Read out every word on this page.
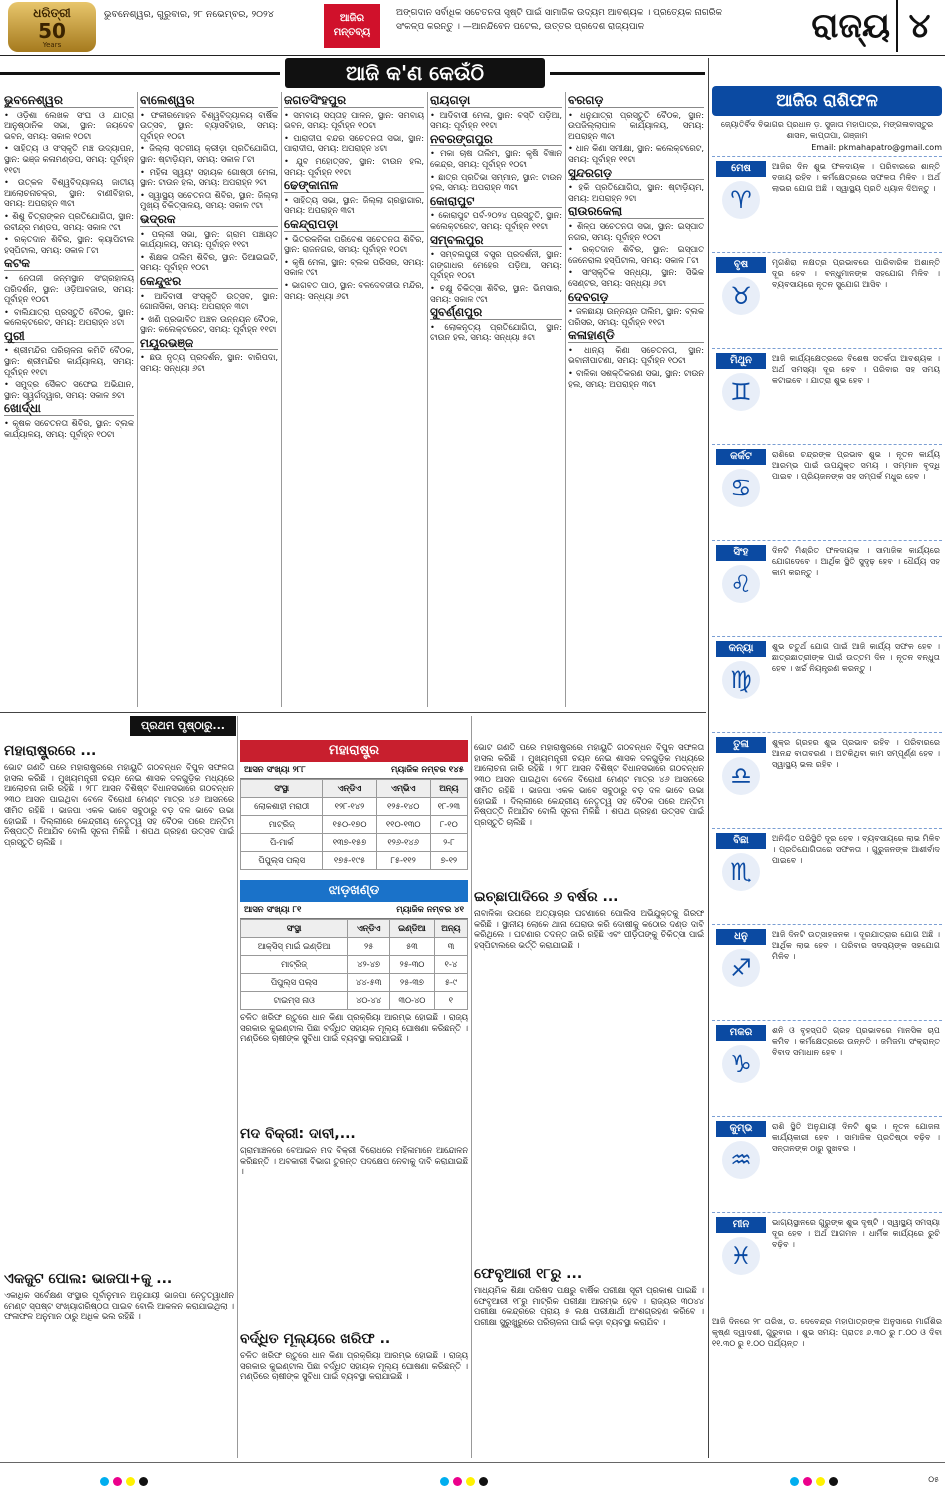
ଧରିତ୍ରୀ
50
Years
ଭୁବନେଶ୍ୱର, ଗୁରୁବାର, ୨୮ ନଭେମ୍ବର, ୨୦୨୪	ଆଜିର ମନ୍ତବ୍ୟ
ଅଙ୍ଗଦାନ ସର୍ବାଧିକ ସଚେତନତା ସୃଷ୍ଟି ପାଇଁ ସାମାଜିକ ଉଦ୍ୟମ ଆବଶ୍ୟକ । ପ୍ରତ୍ୟେକ ନାଗରିକ ସଂକଳ୍ପ କରନ୍ତୁ । —ଆନନ୍ଦିବେନ ପଟେଲ, ଉତ୍ତର ପ୍ରଦେଶ ରାଜ୍ୟପାଳ	ରାଜ୍ୟ ୪
ଆଜି କ'ଣ କେଉଁଠି
ଭୁବନେଶ୍ୱର
• ଓଡ଼ିଶା ଲେଖକ ସଂଘ ଓ ଯାତ୍ରା ଆନୁଷ୍ଠାନିକ ସଭା, ସ୍ଥାନ: ଜୟଦେବ ଭବନ, ସମୟ: ସକାଳ ୧୦ଟା
• ସାହିତ୍ୟ ଓ ସଂସ୍କୃତି ମଞ୍ଚ ଉଦ୍ୟାପନ, ସ୍ଥାନ: ଭଞ୍ଜ କଳାମଣ୍ଡପ, ସମୟ: ପୂର୍ବାହ୍ନ ୧୧ଟା
• ଉତ୍କଳ ବିଶ୍ୱବିଦ୍ୟାଳୟ ଜାତୀୟ ଆଲୋଚନାଚକ୍ର, ସ୍ଥାନ: ବାଣୀବିହାର, ସମୟ: ଅପରାହ୍ନ ୩ଟା
• ଶିଶୁ ଚିତ୍ରାଙ୍କନ ପ୍ରତିଯୋଗିତା, ସ୍ଥାନ: ରବୀନ୍ଦ୍ର ମଣ୍ଡପ, ସମୟ: ସକାଳ ୯ଟା
• ରକ୍ତଦାନ ଶିବିର, ସ୍ଥାନ: କ୍ୟାପିଟାଲ ହସ୍ପିଟାଲ, ସମୟ: ସକାଳ ୮ଟା
କଟକ
• ନେତାଜୀ ଜନ୍ମସ୍ଥାନ ସଂଗ୍ରହାଳୟ ପରିଦର୍ଶନ, ସ୍ଥାନ: ଓଡ଼ିଆବଜାର, ସମୟ: ପୂର୍ବାହ୍ନ ୧୦ଟା
• ବାଲିଯାତ୍ରା ପ୍ରସ୍ତୁତି ବୈଠକ, ସ୍ଥାନ: କଲେକ୍ଟରେଟ, ସମୟ: ଅପରାହ୍ନ ୪ଟା
ପୁରୀ
• ଶ୍ରୀମନ୍ଦିର ପରିଚାଳନା କମିଟି ବୈଠକ, ସ୍ଥାନ: ଶ୍ରୀମନ୍ଦିର କାର୍ଯ୍ୟାଳୟ, ସମୟ: ପୂର୍ବାହ୍ନ ୧୧ଟା
• ସମୁଦ୍ର ସୈକତ ସଫେଇ ଅଭିଯାନ, ସ୍ଥାନ: ସ୍ୱର୍ଗଦ୍ୱାର, ସମୟ: ସକାଳ ୭ଟା
ଖୋର୍ଦ୍ଧା
• କୃଷକ ସଚେତନତା ଶିବିର, ସ୍ଥାନ: ବ୍ଲକ କାର୍ଯ୍ୟାଳୟ, ସମୟ: ପୂର୍ବାହ୍ନ ୧୦ଟା
ବାଲେଶ୍ୱର
• ଫକୀରମୋହନ ବିଶ୍ୱବିଦ୍ୟାଳୟ ବାର୍ଷିକ ଉତ୍ସବ, ସ୍ଥାନ: ବ୍ୟାସବିହାର, ସମୟ: ପୂର୍ବାହ୍ନ ୧୦ଟା
• ଜିଲ୍ଲା ସ୍ତରୀୟ କ୍ରୀଡ଼ା ପ୍ରତିଯୋଗିତା, ସ୍ଥାନ: ଷ୍ଟାଡ଼ିୟମ, ସମୟ: ସକାଳ ୮ଟା
• ମହିଳା ସ୍ୱୟଂ ସହାୟକ ଗୋଷ୍ଠୀ ମେଳା, ସ୍ଥାନ: ଟାଉନ ହଲ, ସମୟ: ଅପରାହ୍ନ ୨ଟା
• ସ୍ୱାସ୍ଥ୍ୟ ସଚେତନତା ଶିବିର, ସ୍ଥାନ: ଜିଲ୍ଲା ମୁଖ୍ୟ ଚିକିତ୍ସାଳୟ, ସମୟ: ସକାଳ ୯ଟା
ଭଦ୍ରକ
• ପଲ୍ଲୀ ସଭା, ସ୍ଥାନ: ଗ୍ରାମ ପଞ୍ଚାୟତ କାର୍ଯ୍ୟାଳୟ, ସମୟ: ପୂର୍ବାହ୍ନ ୧୧ଟା
• ଶିକ୍ଷକ ତାଲିମ ଶିବିର, ସ୍ଥାନ: ଡିଆଇଇଟି, ସମୟ: ପୂର୍ବାହ୍ନ ୧୦ଟା
କେନ୍ଦୁଝର
• ଆଦିବାସୀ ସଂସ୍କୃତି ଉତ୍ସବ, ସ୍ଥାନ: ଗୋନାସିକା, ସମୟ: ଅପରାହ୍ନ ୩ଟା
• ଖଣି ପ୍ରଭାବିତ ଅଞ୍ଚଳ ଉନ୍ନୟନ ବୈଠକ, ସ୍ଥାନ: କଲେକ୍ଟରେଟ, ସମୟ: ପୂର୍ବାହ୍ନ ୧୧ଟା
ମୟୂରଭଞ୍ଜ
• ଛଉ ନୃତ୍ୟ ପ୍ରଦର୍ଶନ, ସ୍ଥାନ: ବାରିପଦା, ସମୟ: ସନ୍ଧ୍ୟା ୬ଟା
ଜଗତସିଂହପୁର
• ସମବାୟ ସପ୍ତାହ ପାଳନ, ସ୍ଥାନ: ସମବାୟ ଭବନ, ସମୟ: ପୂର୍ବାହ୍ନ ୧୦ଟା
• ପାରାଦୀପ ବନ୍ଦର ସଚେତନତା ସଭା, ସ୍ଥାନ: ପାରାଦୀପ, ସମୟ: ଅପରାହ୍ନ ୪ଟା
• ଯୁବ ମହୋତ୍ସବ, ସ୍ଥାନ: ଟାଉନ ହଲ, ସମୟ: ପୂର୍ବାହ୍ନ ୧୧ଟା
ଢେଙ୍କାନାଳ
• ସାହିତ୍ୟ ସଭା, ସ୍ଥାନ: ଜିଲ୍ଲା ଗ୍ରନ୍ଥାଗାର, ସମୟ: ଅପରାହ୍ନ ୩ଟା
କେନ୍ଦ୍ରାପଡ଼ା
• ଭିତରକନିକା ପରିବେଶ ସଚେତନତା ଶିବିର, ସ୍ଥାନ: ରାଜନଗର, ସମୟ: ପୂର୍ବାହ୍ନ ୧୦ଟା
• କୃଷି ମେଳା, ସ୍ଥାନ: ବ୍ଲକ ପରିସର, ସମୟ: ସକାଳ ୯ଟା
• ଭାଗବତ ପାଠ, ସ୍ଥାନ: ବଳଦେବଜୀଉ ମନ୍ଦିର, ସମୟ: ସନ୍ଧ୍ୟା ୬ଟା
ରାୟଗଡ଼ା
• ଆଦିବାସୀ ମେଳା, ସ୍ଥାନ: ବସ୍ତି ପଡ଼ିଆ, ସମୟ: ପୂର୍ବାହ୍ନ ୧୧ଟା
ନବରଙ୍ଗପୁର
• ମକା ଚାଷ ତାଲିମ, ସ୍ଥାନ: କୃଷି ବିଜ୍ଞାନ କେନ୍ଦ୍ର, ସମୟ: ପୂର୍ବାହ୍ନ ୧୦ଟା
• ଛାତ୍ର ପ୍ରତିଭା ସମ୍ମାନ, ସ୍ଥାନ: ଟାଉନ ହଲ, ସମୟ: ଅପରାହ୍ନ ୩ଟା
କୋରାପୁଟ
• କୋରାପୁଟ ପର୍ବ-୨୦୨୪ ପ୍ରସ୍ତୁତି, ସ୍ଥାନ: କଲେକ୍ଟରେଟ, ସମୟ: ପୂର୍ବାହ୍ନ ୧୧ଟା
ସମ୍ବଲପୁର
• ସମ୍ବଲପୁରୀ ବସ୍ତ୍ର ପ୍ରଦର୍ଶନୀ, ସ୍ଥାନ: ଗଙ୍ଗାଧର ମେହେର ପଡ଼ିଆ, ସମୟ: ପୂର୍ବାହ୍ନ ୧୦ଟା
• ଚକ୍ଷୁ ଚିକିତ୍ସା ଶିବିର, ସ୍ଥାନ: ଭିମସାର, ସମୟ: ସକାଳ ୯ଟା
ସୁବର୍ଣ୍ଣପୁର
• ଲୋକନୃତ୍ୟ ପ୍ରତିଯୋଗିତା, ସ୍ଥାନ: ଟାଉନ ହଲ, ସମୟ: ସନ୍ଧ୍ୟା ୫ଟା
ବରଗଡ଼
• ଧନୁଯାତ୍ରା ପ୍ରସ୍ତୁତି ବୈଠକ, ସ୍ଥାନ: ଉପଜିଲ୍ଲାପାଳ କାର୍ଯ୍ୟାଳୟ, ସମୟ: ଅପରାହ୍ନ ୩ଟା
• ଧାନ କିଣା ସମୀକ୍ଷା, ସ୍ଥାନ: କଲେକ୍ଟରେଟ, ସମୟ: ପୂର୍ବାହ୍ନ ୧୧ଟା
ସୁନ୍ଦରଗଡ଼
• ହକି ପ୍ରତିଯୋଗିତା, ସ୍ଥାନ: ଷ୍ଟାଡ଼ିୟମ, ସମୟ: ଅପରାହ୍ନ ୨ଟା
ରାଉରକେଲା
• ଶିଳ୍ପ ସଚେତନତା ସଭା, ସ୍ଥାନ: ଇସ୍ପାତ ନଗର, ସମୟ: ପୂର୍ବାହ୍ନ ୧୦ଟା
• ରକ୍ତଦାନ ଶିବିର, ସ୍ଥାନ: ଇସ୍ପାତ ଜେନେରାଲ ହସ୍ପିଟାଲ, ସମୟ: ସକାଳ ୮ଟା
• ସାଂସ୍କୃତିକ ସନ୍ଧ୍ୟା, ସ୍ଥାନ: ସିଭିକ ସେଣ୍ଟର, ସମୟ: ସନ୍ଧ୍ୟା ୬ଟା
ଦେବଗଡ଼
• ଜଳଛାୟା ଉନ୍ନୟନ ତାଲିମ, ସ୍ଥାନ: ବ୍ଲକ ପରିସର, ସମୟ: ପୂର୍ବାହ୍ନ ୧୧ଟା
କଳାହାଣ୍ଡି
• ଧାନ୍ୟ କିଣା ସଚେତନତା, ସ୍ଥାନ: ଭବାନୀପାଟଣା, ସମୟ: ପୂର୍ବାହ୍ନ ୧୦ଟା
• ବାଳିକା ସଶକ୍ତିକରଣ ସଭା, ସ୍ଥାନ: ଟାଉନ ହଲ, ସମୟ: ଅପରାହ୍ନ ୩ଟା
ଆଜିର ରାଶିଫଳ
ଜ୍ୟୋତିର୍ବିଦ ବିଭାଗର ପ୍ରଧାନ ଡ଼. ସୁଜାତା ମହାପାତ୍ର, ମଙ୍ଗଳାବାସ୍ତୁର ଶାସନ, କାପ୍ତାପା, ଗଞ୍ଜାମ
Email: pkmahapatro@gmail.com
ମେଷ
♈
ଆଜିର ଦିନ ଶୁଭ ଫଳଦାୟକ । ପରିବାରରେ ଶାନ୍ତି ବଜାୟ ରହିବ । କର୍ମକ୍ଷେତ୍ରରେ ସଫଳତା ମିଳିବ । ଅର୍ଥ ଲାଭର ଯୋଗ ଅଛି । ସ୍ୱାସ୍ଥ୍ୟ ପ୍ରତି ଧ୍ୟାନ ଦିଅନ୍ତୁ ।
ବୃଷ
♉
ମୃଗଶିରା ନକ୍ଷତ୍ର ପ୍ରଭାବରେ ପାରିବାରିକ ଅଶାନ୍ତି ଦୂର ହେବ । ବନ୍ଧୁମାନଙ୍କ ସହଯୋଗ ମିଳିବ । ବ୍ୟବସାୟରେ ନୂତନ ସୁଯୋଗ ଆସିବ ।
ମିଥୁନ
♊
ଆଜି କାର୍ଯ୍ୟକ୍ଷେତ୍ରରେ ବିଶେଷ ସତର୍କତା ଆବଶ୍ୟକ । ଅର୍ଥ ସମସ୍ୟା ଦୂର ହେବ । ପରିବାର ସହ ସମୟ କଟାଇବେ । ଯାତ୍ରା ଶୁଭ ହେବ ।
କର୍କଟ
♋
ରାଶିରେ ଚନ୍ଦ୍ରଙ୍କ ପ୍ରଭାବ ଶୁଭ । ନୂତନ କାର୍ଯ୍ୟ ଆରମ୍ଭ ପାଇଁ ଉପଯୁକ୍ତ ସମୟ । ସମ୍ମାନ ବୃଦ୍ଧି ପାଇବ । ପ୍ରିୟଜନଙ୍କ ସହ ସମ୍ପର୍କ ମଧୁର ହେବ ।
ସିଂହ
♌
ଦିନଟି ମିଶ୍ରିତ ଫଳଦାୟକ । ସାମାଜିକ କାର୍ଯ୍ୟରେ ଯୋଗଦେବେ । ଆର୍ଥିକ ସ୍ଥିତି ସୁଦୃଢ଼ ହେବ । ଧୈର୍ଯ୍ୟ ସହ କାମ କରନ୍ତୁ ।
କନ୍ୟା
♍
ଶୁଭ ଚତୁର୍ଥ ଯୋଗ ପାଇଁ ଆଜି କାର୍ଯ୍ୟ ସଫଳ ହେବ । ଛାତ୍ରଛାତ୍ରୀଙ୍କ ପାଇଁ ଉତ୍ତମ ଦିନ । ନୂତନ ବନ୍ଧୁତା ହେବ । ଖର୍ଚ୍ଚ ନିୟନ୍ତ୍ରଣ କରନ୍ତୁ ।
ତୁଳା
♎
ଶୁକ୍ର ଗ୍ରହର ଶୁଭ ପ୍ରଭାବ ରହିବ । ପରିବାରରେ ଆନନ୍ଦ ବାତାବରଣ । ଅଟକିଥିବା କାମ ସମ୍ପୂର୍ଣ୍ଣ ହେବ । ସ୍ୱାସ୍ଥ୍ୟ ଭଲ ରହିବ ।
ବିଛା
♏
ଅନିଶ୍ଚିତ ପରିସ୍ଥିତି ଦୂର ହେବ । ବ୍ୟବସାୟରେ ଲାଭ ମିଳିବ । ପ୍ରତିଯୋଗିତାରେ ସଫଳତା । ଗୁରୁଜନଙ୍କ ଆଶୀର୍ବାଦ ପାଇବେ ।
ଧନୁ
♐
ଆଜି ଦିନଟି ଉତ୍ସାହଜନକ । ଦୂରଯାତ୍ରାର ଯୋଗ ଅଛି । ଆର୍ଥିକ ଲାଭ ହେବ । ପରିବାର ସଦସ୍ୟଙ୍କ ସହଯୋଗ ମିଳିବ ।
ମକର
♑
ଶନି ଓ ବୃହସ୍ପତି ଗ୍ରହ ପ୍ରଭାବରେ ମାନସିକ ଚାପ କମିବ । କର୍ମକ୍ଷେତ୍ରରେ ଉନ୍ନତି । ଜମିଜମା ସଂକ୍ରାନ୍ତ ବିବାଦ ସମାଧାନ ହେବ ।
କୁମ୍ଭ
♒
ରାଶି ସ୍ଥିତି ଅନୁଯାୟୀ ଦିନଟି ଶୁଭ । ନୂତନ ଯୋଜନା କାର୍ଯ୍ୟକାରୀ ହେବ । ସାମାଜିକ ପ୍ରତିଷ୍ଠା ବଢ଼ିବ । ସନ୍ତାନଙ୍କ ଠାରୁ ସୁଖବର ।
ମୀନ
♓
ଭାଗ୍ୟସ୍ଥାନରେ ଗୁରୁଙ୍କ ଶୁଭ ଦୃଷ୍ଟି । ସ୍ୱାସ୍ଥ୍ୟ ସମସ୍ୟା ଦୂର ହେବ । ଅର୍ଥ ଆଗମନ । ଧାର୍ମିକ କାର୍ଯ୍ୟରେ ରୁଚି ବଢ଼ିବ ।
ଆଜି ଦିନରେ ୨୮ ତାରିଖ, ଡ. ଦେବେନ୍ଦ୍ର ମହାପାତ୍ରଙ୍କ ଅନୁସାରେ ମାର୍ଗଶିର କୃଷ୍ଣ ଦ୍ୱାଦଶୀ, ଗୁରୁବାର । ଶୁଭ ସମୟ: ପ୍ରାତଃ ୬.୩୦ ରୁ ୮.୦୦ ଓ ଦିବା ୧୧.୩୦ ରୁ ୧.୦୦ ପର୍ଯ୍ୟନ୍ତ ।
ପ୍ରଥମ ପୃଷ୍ଠାରୁ...
ମହାରାଷ୍ଟ୍ରରେ ...
ଭୋଟ ଗଣତି ପରେ ମହାରାଷ୍ଟ୍ରରେ ମହାୟୁତି ଗଠବନ୍ଧନ ବିପୁଳ ସଫଳତା ହାସଲ କରିଛି । ମୁଖ୍ୟମନ୍ତ୍ରୀ ଚୟନ ନେଇ ଶାସକ ଦଳଗୁଡ଼ିକ ମଧ୍ୟରେ ଆଲୋଚନା ଜାରି ରହିଛି । ୨୮୮ ଆସନ ବିଶିଷ୍ଟ ବିଧାନସଭାରେ ଗଠବନ୍ଧନ ୨୩୦ ଆସନ ପାଇଥିବା ବେଳେ ବିରୋଧୀ ମେଣ୍ଟ ମାତ୍ର ୪୬ ଆସନରେ ସୀମିତ ରହିଛି । ଭାଜପା ଏକକ ଭାବେ ସବୁଠାରୁ ବଡ଼ ଦଳ ଭାବେ ଉଭା ହୋଇଛି । ଦିଲ୍ଲୀରେ କେନ୍ଦ୍ରୀୟ ନେତୃତ୍ୱ ସହ ବୈଠକ ପରେ ଅନ୍ତିମ ନିଷ୍ପତ୍ତି ନିଆଯିବ ବୋଲି ସୂଚନା ମିଳିଛି । ଶପଥ ଗ୍ରହଣ ଉତ୍ସବ ପାଇଁ ପ୍ରସ୍ତୁତି ଚାଲିଛି ।
ଏକଜୁଟ ପୋଲ: ଭାଜପା+କୁ ...
ଏକାଧିକ ସର୍ବେକ୍ଷଣ ସଂସ୍ଥାର ପୂର୍ବାନୁମାନ ଅନୁଯାୟୀ ଭାଜପା ନେତୃତ୍ୱାଧୀନ ମେଣ୍ଟ ସ୍ପଷ୍ଟ ସଂଖ୍ୟାଗରିଷ୍ଠତା ପାଇବ ବୋଲି ଆକଳନ କରାଯାଇଥିଲା । ଫଳାଫଳ ଅନୁମାନ ଠାରୁ ଅଧିକ ଭଲ ରହିଛି ।
ମହାରାଷ୍ଟ୍ର
ଆସନ ସଂଖ୍ୟା ୨୮୮	ମ୍ୟାଜିକ ନମ୍ବର ୧୪୫
ସଂସ୍ଥା	ଏନ୍‌ଡିଏ	ଏମ୍‌ଭିଏ	ଅନ୍ୟ
ଲୋକଶାହୀ ମରାଠୀ	୧୨୮-୧୪୨	୧୨୫-୧୪୦	୧୮-୨୩
ମାଟ୍ରିଜ୍	୧୫୦-୧୭୦	୧୧୦-୧୩୦	୮-୧୦
ପି-ମାର୍କ	୧୩୭-୧୫୭	୧୨୬-୧୪୬	୨-୮
ପିପୁଲ୍ସ ପଲ୍ସ	୧୭୫-୧୯୫	୮୫-୧୧୨	୭-୧୨
ଝାଡ଼ଖଣ୍ଡ
ଆସନ ସଂଖ୍ୟା ୮୧	ମ୍ୟାଜିକ ନମ୍ବର ୪୧
ସଂସ୍ଥା	ଏନ୍‌ଡିଏ	ଇଣ୍ଡିଆ	ଅନ୍ୟ
ଆକ୍ସିସ୍ ମାଇଁ ଇଣ୍ଡିଆ	୨୫	୫୩	୩
ମାଟ୍ରିଜ୍	୪୨-୪୭	୨୫-୩୦	୧-୪
ପିପୁଲ୍ସ ପଲ୍ସ	୪୪-୫୩	୨୫-୩୭	୫-୯
ଟାଇମ୍ସ ନାଓ	୪୦-୪୪	୩୦-୪୦	୧
ଚଳିତ ଖରିଫ ଋତୁରେ ଧାନ କିଣା ପ୍ରକ୍ରିୟା ଆରମ୍ଭ ହୋଇଛି । ରାଜ୍ୟ ସରକାର କୁଇଣ୍ଟାଲ ପିଛା ବର୍ଦ୍ଧିତ ସହାୟକ ମୂଲ୍ୟ ଘୋଷଣା କରିଛନ୍ତି । ମଣ୍ଡିରେ ଚାଷୀଙ୍କ ସୁବିଧା ପାଇଁ ବ୍ୟବସ୍ଥା କରାଯାଇଛି ।
ମଦ ବିକ୍ରୀ: ଦାବୀ,...
ଗ୍ରାମାଞ୍ଚଳରେ ବେଆଇନ ମଦ ବିକ୍ରୀ ବିରୋଧରେ ମହିଳାମାନେ ଆନ୍ଦୋଳନ କରିଛନ୍ତି । ଅବକାରୀ ବିଭାଗ ତୁରନ୍ତ ପଦକ୍ଷେପ ନେବାକୁ ଦାବି କରାଯାଇଛି ।
ବର୍ଦ୍ଧିତ ମୂଲ୍ୟରେ ଖରିଫ ..
ଚଳିତ ଖରିଫ ଋତୁରେ ଧାନ କିଣା ପ୍ରକ୍ରିୟା ଆରମ୍ଭ ହୋଇଛି । ରାଜ୍ୟ ସରକାର କୁଇଣ୍ଟାଲ ପିଛା ବର୍ଦ୍ଧିତ ସହାୟକ ମୂଲ୍ୟ ଘୋଷଣା କରିଛନ୍ତି । ମଣ୍ଡିରେ ଚାଷୀଙ୍କ ସୁବିଧା ପାଇଁ ବ୍ୟବସ୍ଥା କରାଯାଇଛି ।
ଭୋଟ ଗଣତି ପରେ ମହାରାଷ୍ଟ୍ରରେ ମହାୟୁତି ଗଠବନ୍ଧନ ବିପୁଳ ସଫଳତା ହାସଲ କରିଛି । ମୁଖ୍ୟମନ୍ତ୍ରୀ ଚୟନ ନେଇ ଶାସକ ଦଳଗୁଡ଼ିକ ମଧ୍ୟରେ ଆଲୋଚନା ଜାରି ରହିଛି । ୨୮୮ ଆସନ ବିଶିଷ୍ଟ ବିଧାନସଭାରେ ଗଠବନ୍ଧନ ୨୩୦ ଆସନ ପାଇଥିବା ବେଳେ ବିରୋଧୀ ମେଣ୍ଟ ମାତ୍ର ୪୬ ଆସନରେ ସୀମିତ ରହିଛି । ଭାଜପା ଏକକ ଭାବେ ସବୁଠାରୁ ବଡ଼ ଦଳ ଭାବେ ଉଭା ହୋଇଛି । ଦିଲ୍ଲୀରେ କେନ୍ଦ୍ରୀୟ ନେତୃତ୍ୱ ସହ ବୈଠକ ପରେ ଅନ୍ତିମ ନିଷ୍ପତ୍ତି ନିଆଯିବ ବୋଲି ସୂଚନା ମିଳିଛି । ଶପଥ ଗ୍ରହଣ ଉତ୍ସବ ପାଇଁ ପ୍ରସ୍ତୁତି ଚାଲିଛି ।
ଇଚ୍ଛାପାଦିରେ ୬ ବର୍ଷର ...
ନାବାଳିକା ଉପରେ ଅତ୍ୟାଚାର ଘଟଣାରେ ପୋଲିସ ଅଭିଯୁକ୍ତକୁ ଗିରଫ କରିଛି । ସ୍ଥାନୀୟ ଲୋକେ ଥାନା ଘେରାଉ କରି ଦୋଷୀକୁ କଠୋର ଦଣ୍ଡ ଦାବି କରିଥିଲେ । ଘଟଣାର ତଦନ୍ତ ଜାରି ରହିଛି ଏବଂ ପୀଡ଼ିତାଙ୍କୁ ଚିକିତ୍ସା ପାଇଁ ହସ୍ପିଟାଲରେ ଭର୍ତ୍ତି କରାଯାଇଛି ।
ଫେବୃଆରୀ ୧୮ରୁ ...
ମାଧ୍ୟମିକ ଶିକ୍ଷା ପରିଷଦ ପକ୍ଷରୁ ବାର୍ଷିକ ପରୀକ୍ଷା ସୂଚୀ ପ୍ରକାଶ ପାଇଛି । ଫେବୃଆରୀ ୧୮ରୁ ମାଟ୍ରିକ ପରୀକ୍ଷା ଆରମ୍ଭ ହେବ । ରାଜ୍ୟର ୩୦୪୪ ପରୀକ୍ଷା କେନ୍ଦ୍ରରେ ପ୍ରାୟ ୫ ଲକ୍ଷ ପରୀକ୍ଷାର୍ଥୀ ଅଂଶଗ୍ରହଣ କରିବେ । ପରୀକ୍ଷା ସୁରୁଖୁରୁରେ ପରିଚାଳନା ପାଇଁ କଡ଼ା ବ୍ୟବସ୍ଥା କରାଯିବ ।
୦୫
